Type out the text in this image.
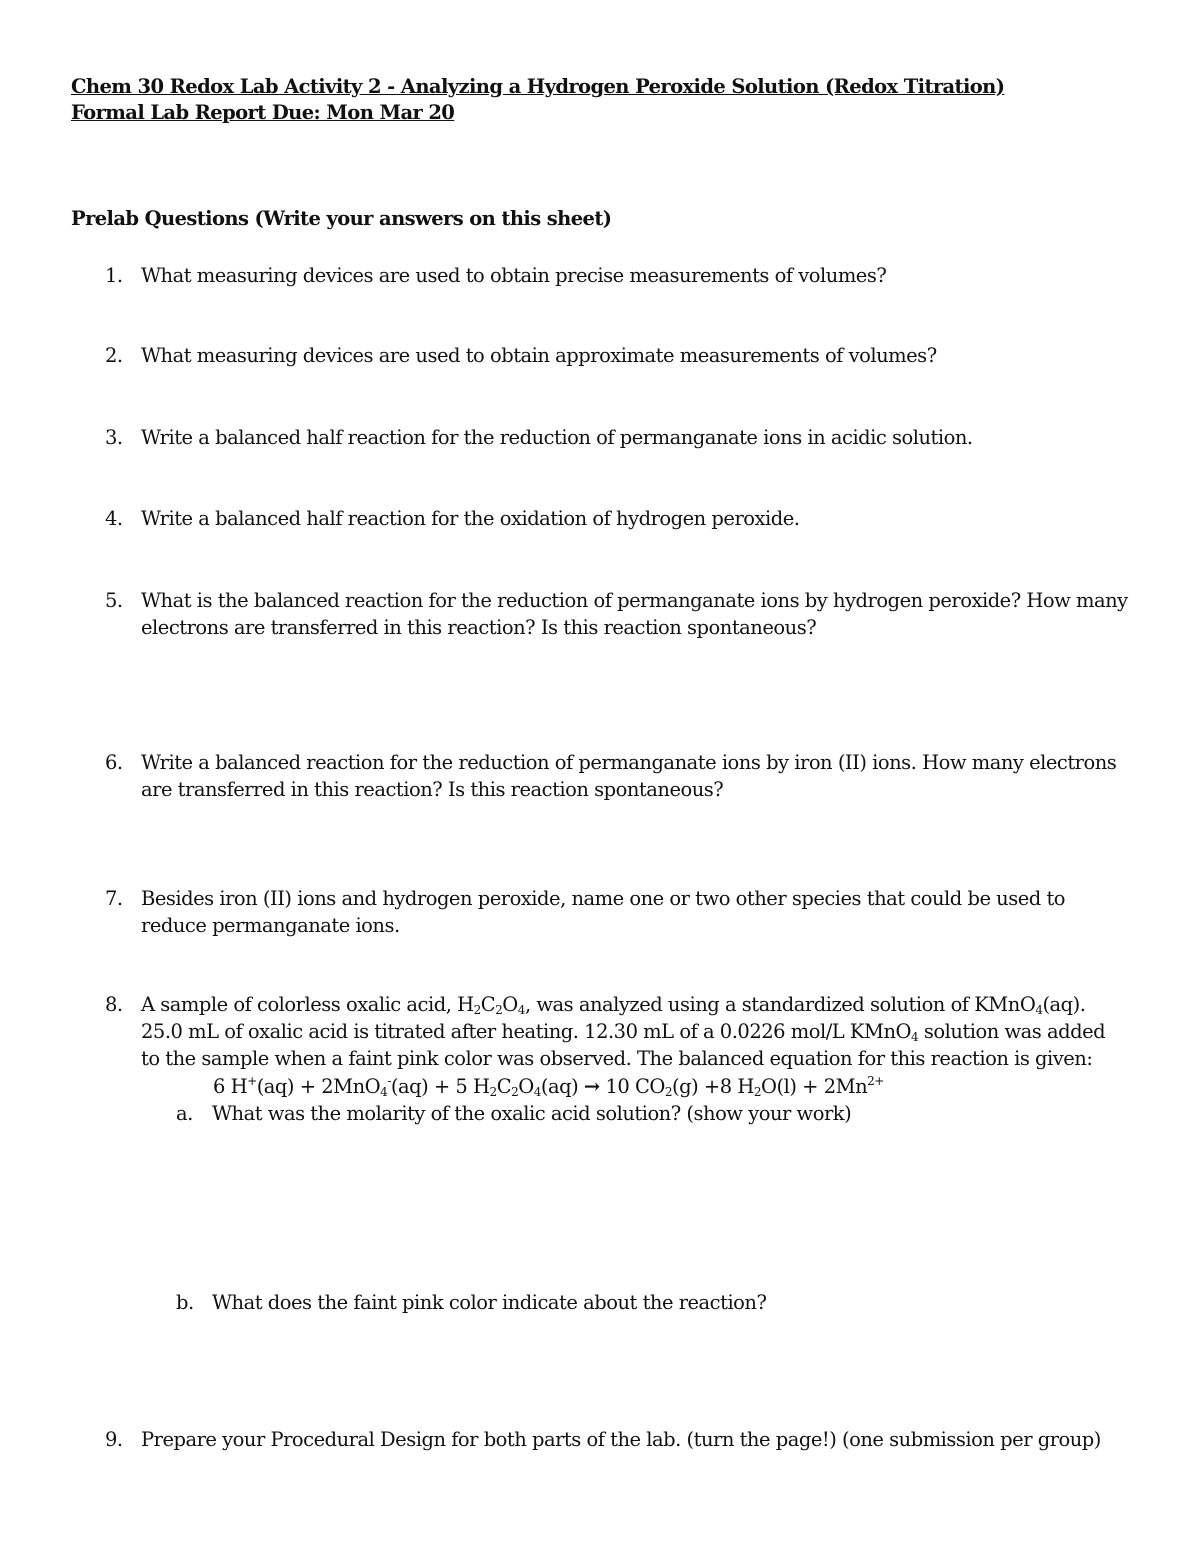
Chem 30 Redox Lab Activity 2 - Analyzing a Hydrogen Peroxide Solution (Redox Titration)
Formal Lab Report Due: Mon Mar 20
Prelab Questions (Write your answers on this sheet)
1. What measuring devices are used to obtain precise measurements of volumes?
2. What measuring devices are used to obtain approximate measurements of volumes?
3. Write a balanced half reaction for the reduction of permanganate ions in acidic solution.
4. Write a balanced half reaction for the oxidation of hydrogen peroxide.
5. What is the balanced reaction for the reduction of permanganate ions by hydrogen peroxide? How many
electrons are transferred in this reaction? Is this reaction spontaneous?
6. Write a balanced reaction for the reduction of permanganate ions by iron (II) ions. How many electrons
are transferred in this reaction? Is this reaction spontaneous?
7. Besides iron (II) ions and hydrogen peroxide, name one or two other species that could be used to
reduce permanganate ions.
8. A sample of colorless oxalic acid, $H_2C_2O_4$, was analyzed using a standardized solution of KMnO$_4$(aq).
25.0 mL of oxalic acid is titrated after heating. 12.30 mL of a 0.0226 mol/L KMnO$_4$ solution was added
to the sample when a faint pink color was observed. The balanced equation for this reaction is given:
6 H+(aq) + 2MnO$_4$-(aq) + 5 $H_2C_2O_4(aq) \to 10$ $CO_2(g) +8$ $H_2O(l) + 2Mn^{2+}$
a. What was the molarity of the oxalic acid solution? (show your work)
b. What does the faint pink color indicate about the reaction?
9. Prepare your Procedural Design for both parts of the lab. (turn the page!) (one submission per group)
